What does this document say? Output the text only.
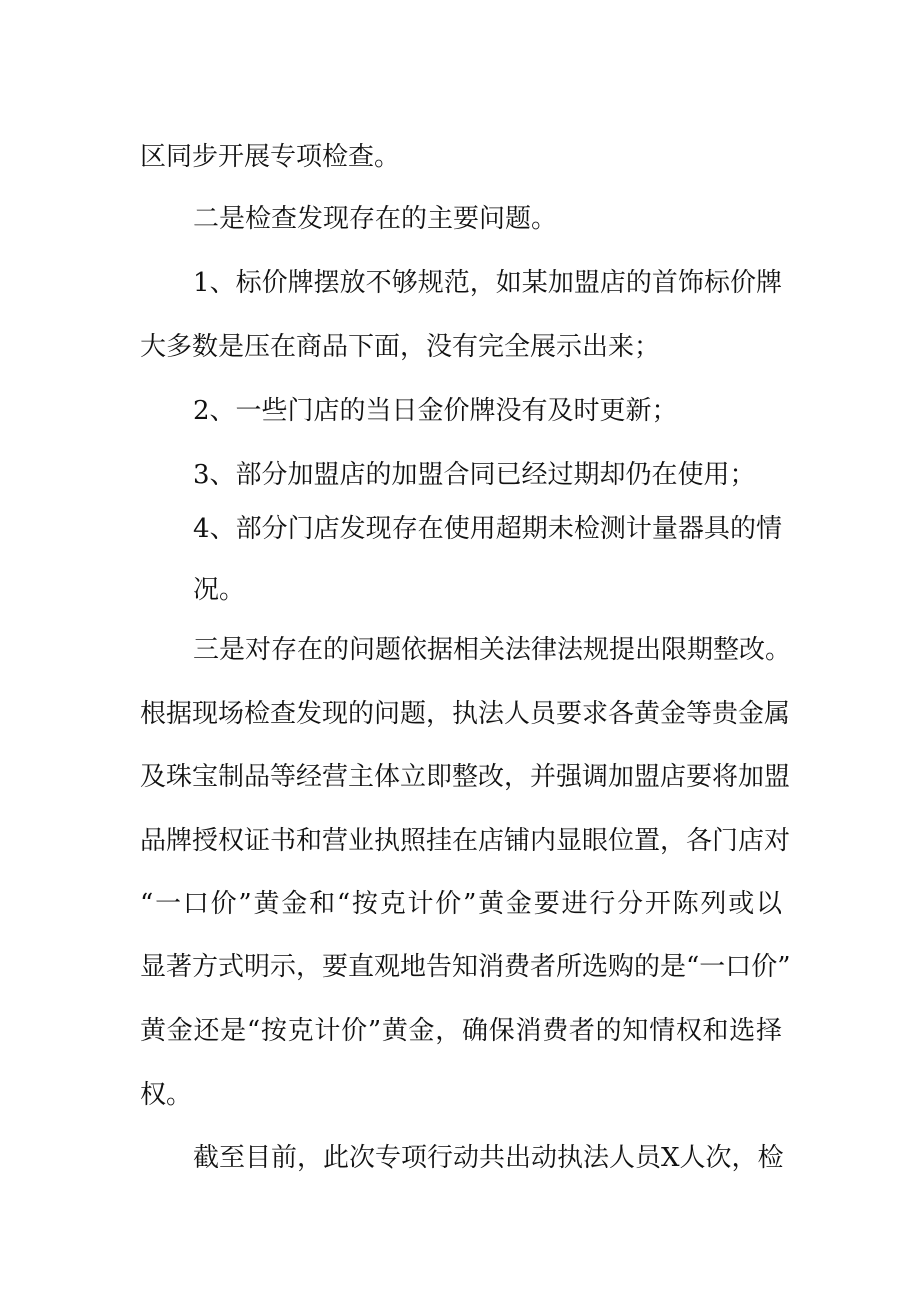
区同步开展专项检查。
二是检查发现存在的主要问题。
1、标价牌摆放不够规范，如某加盟店的首饰标价牌
大多数是压在商品下面，没有完全展示出来；
2、一些门店的当日金价牌没有及时更新；
3、部分加盟店的加盟合同已经过期却仍在使用；
4、部分门店发现存在使用超期未检测计量器具的情
况。
三是对存在的问题依据相关法律法规提出限期整改。
根据现场检查发现的问题，执法人员要求各黄金等贵金属
及珠宝制品等经营主体立即整改，并强调加盟店要将加盟
品牌授权证书和营业执照挂在店铺内显眼位置，各门店对
“一口价”黄金和“按克计价”黄金要进行分开陈列或以
显著方式明示，要直观地告知消费者所选购的是“一口价”
黄金还是“按克计价”黄金，确保消费者的知情权和选择
权。
截至目前，此次专项行动共出动执法人员X人次，检
